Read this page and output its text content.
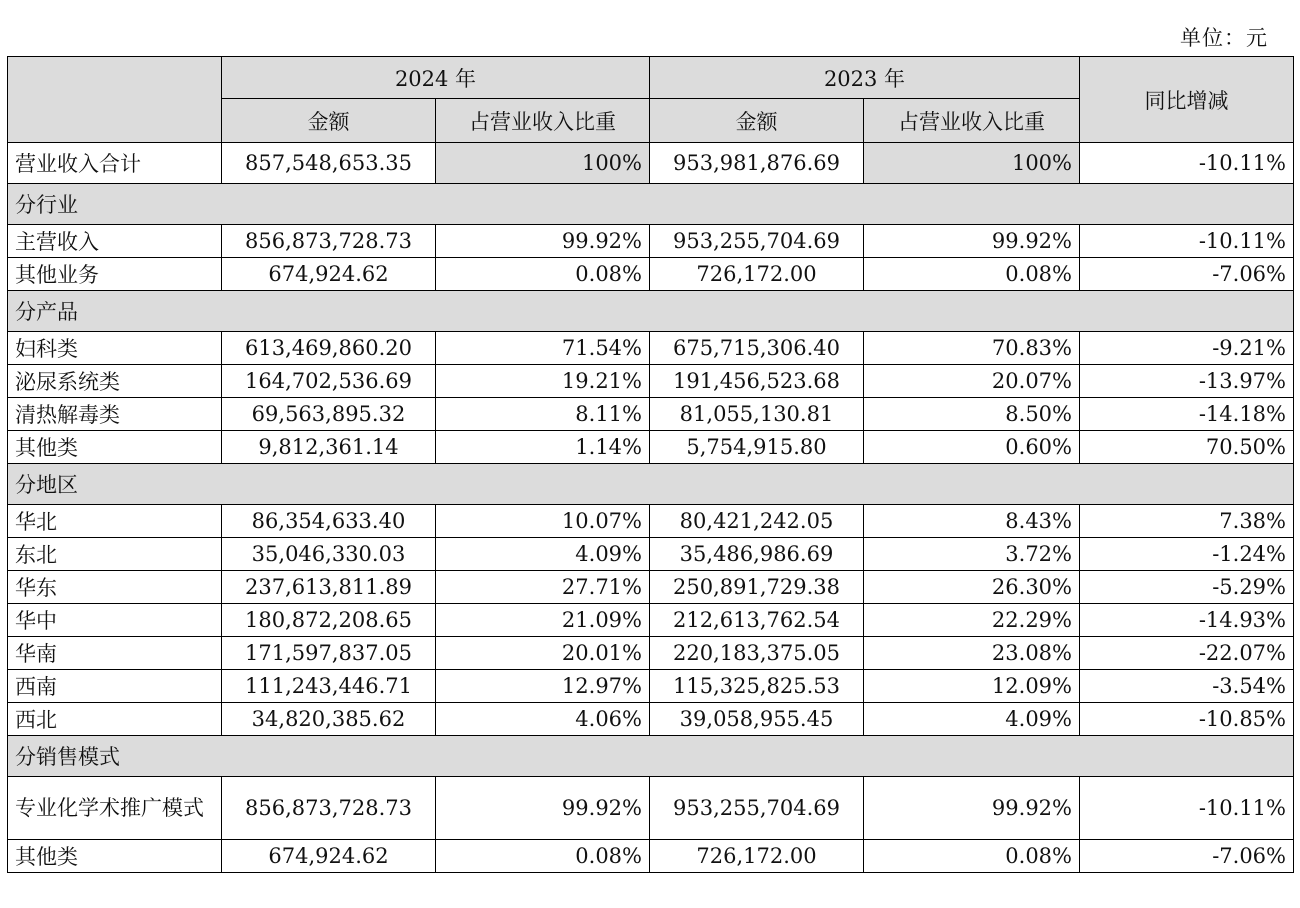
单位：元
	2024 年		2023 年		同比增减
	金额	占营业收入比重	金额	占营业收入比重	
营业收入合计	857,548,653.35	100%	953,981,876.69	100%	-10.11%
分行业					
主营收入	856,873,728.73	99.92%	953,255,704.69	99.92%	-10.11%
其他业务	674,924.62	0.08%	726,172.00	0.08%	-7.06%
分产品					
妇科类	613,469,860.20	71.54%	675,715,306.40	70.83%	-9.21%
泌尿系统类	164,702,536.69	19.21%	191,456,523.68	20.07%	-13.97%
清热解毒类	69,563,895.32	8.11%	81,055,130.81	8.50%	-14.18%
其他类	9,812,361.14	1.14%	5,754,915.80	0.60%	70.50%
分地区					
华北	86,354,633.40	10.07%	80,421,242.05	8.43%	7.38%
东北	35,046,330.03	4.09%	35,486,986.69	3.72%	-1.24%
华东	237,613,811.89	27.71%	250,891,729.38	26.30%	-5.29%
华中	180,872,208.65	21.09%	212,613,762.54	22.29%	-14.93%
华南	171,597,837.05	20.01%	220,183,375.05	23.08%	-22.07%
西南	111,243,446.71	12.97%	115,325,825.53	12.09%	-3.54%
西北	34,820,385.62	4.06%	39,058,955.45	4.09%	-10.85%
分销售模式					
专业化学术推广模式	856,873,728.73	99.92%	953,255,704.69	99.92%	-10.11%
其他类	674,924.62	0.08%	726,172.00	0.08%	-7.06%
